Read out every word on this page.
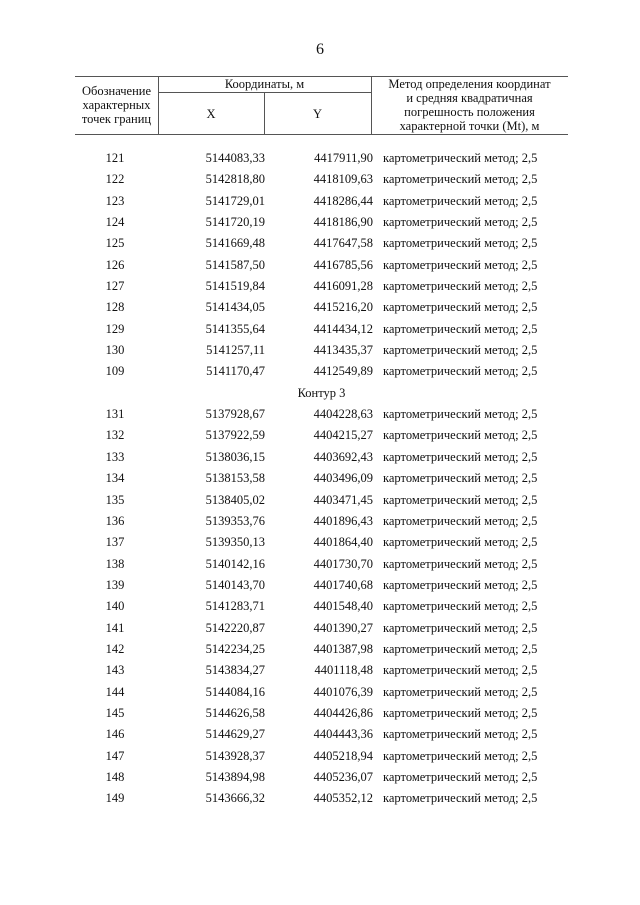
6
Обозначение
характерных
точек границ
Координаты, м
X	Y
Метод определения координат
и средняя квадратичная
погрешность положения
характерной точки (Mt), м
121	5144083,33	4417911,90 картометрический метод; 2,5
122	5142818,80	4418109,63 картометрический метод; 2,5
123	5141729,01	4418286,44 картометрический метод; 2,5
124	5141720,19	4418186,90 картометрический метод; 2,5
125	5141669,48	4417647,58 картометрический метод; 2,5
126	5141587,50	4416785,56 картометрический метод; 2,5
127	5141519,84	4416091,28 картометрический метод; 2,5
128	5141434,05	4415216,20 картометрический метод; 2,5
129	5141355,64	4414434,12 картометрический метод; 2,5
130	5141257,11	4413435,37 картометрический метод; 2,5
109	5141170,47	4412549,89 картометрический метод; 2,5
Контур 3
131	5137928,67	4404228,63 картометрический метод; 2,5
132	5137922,59	4404215,27 картометрический метод; 2,5
133	5138036,15	4403692,43 картометрический метод; 2,5
134	5138153,58	4403496,09 картометрический метод; 2,5
135	5138405,02	4403471,45 картометрический метод; 2,5
136	5139353,76	4401896,43 картометрический метод; 2,5
137	5139350,13	4401864,40 картометрический метод; 2,5
138	5140142,16	4401730,70 картометрический метод; 2,5
139	5140143,70	4401740,68 картометрический метод; 2,5
140	5141283,71	4401548,40 картометрический метод; 2,5
141	5142220,87	4401390,27 картометрический метод; 2,5
142	5142234,25	4401387,98 картометрический метод; 2,5
143	5143834,27	4401118,48 картометрический метод; 2,5
144	5144084,16	4401076,39 картометрический метод; 2,5
145	5144626,58	4404426,86 картометрический метод; 2,5
146	5144629,27	4404443,36 картометрический метод; 2,5
147	5143928,37	4405218,94 картометрический метод; 2,5
148	5143894,98	4405236,07 картометрический метод; 2,5
149	5143666,32	4405352,12 картометрический метод; 2,5
